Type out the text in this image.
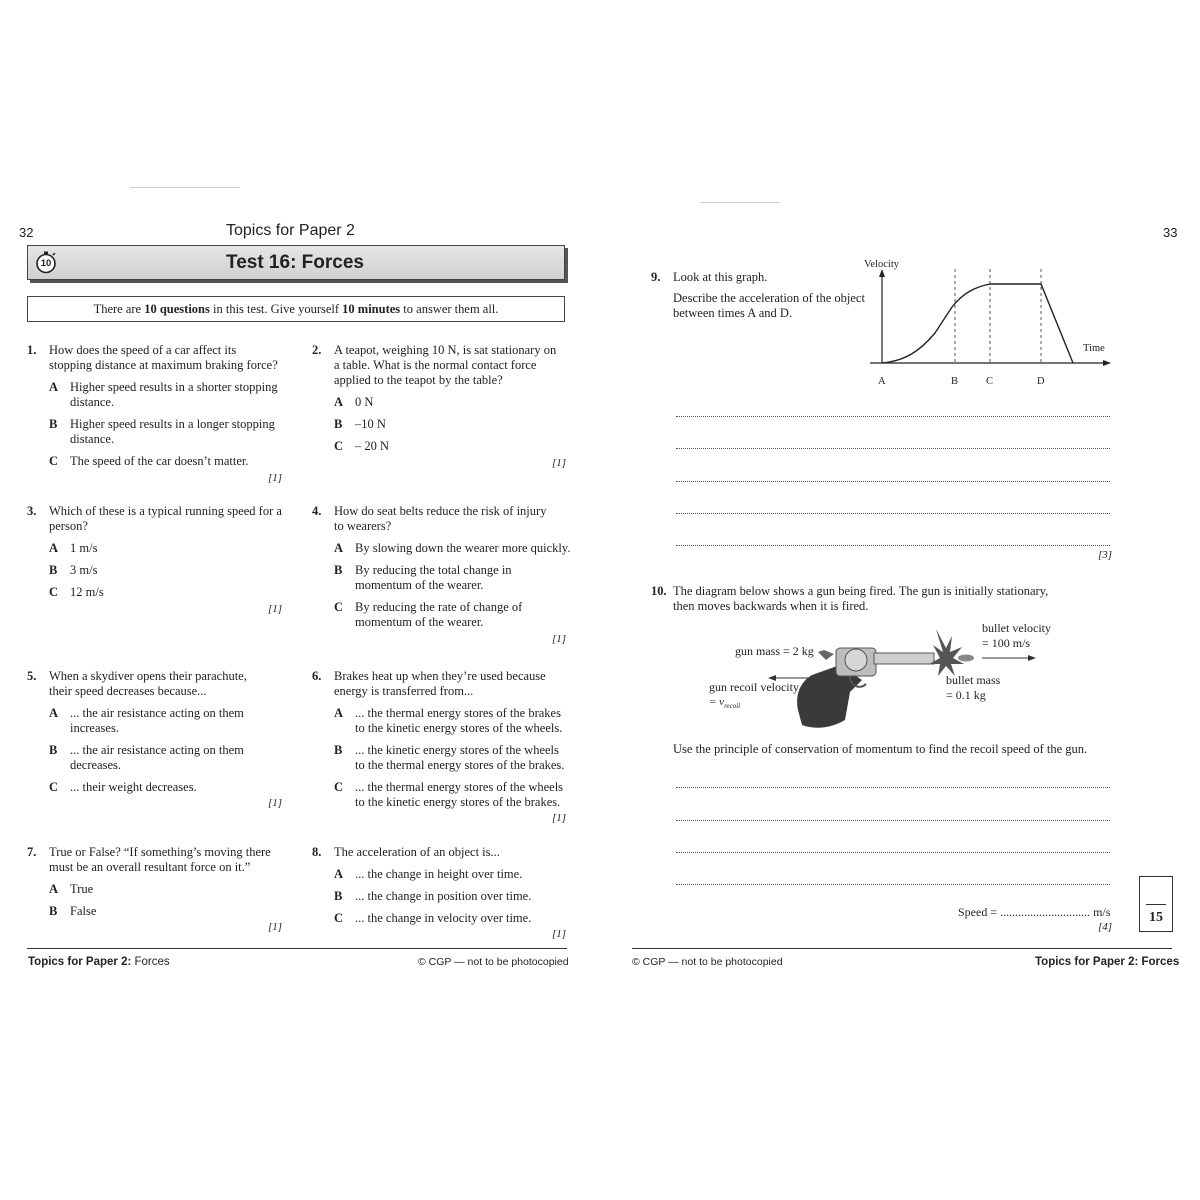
32	Topics for Paper 2
10	Test 16: Forces
There are 10 questions in this test. Give yourself 10 minutes to answer them all.
1. How does the speed of a car affect its stopping distance at maximum braking force?
A Higher speed results in a shorter stopping distance.
B Higher speed results in a longer stopping distance.
C The speed of the car doesn’t matter.
[1]
2. A teapot, weighing 10 N, is sat stationary on a table. What is the normal contact force applied to the teapot by the table?
A 0 N
B –10 N
C – 20 N
[1]
3. Which of these is a typical running speed for a person?
A 1 m/s
B 3 m/s
C 12 m/s
[1]
4. How do seat belts reduce the risk of injury to wearers?
A By slowing down the wearer more quickly.
B By reducing the total change in momentum of the wearer.
C By reducing the rate of change of momentum of the wearer.
[1]
5. When a skydiver opens their parachute, their speed decreases because...
A ... the air resistance acting on them increases.
B ... the air resistance acting on them decreases.
C ... their weight decreases.
[1]
6. Brakes heat up when they’re used because energy is transferred from...
A ... the thermal energy stores of the brakes to the kinetic energy stores of the wheels.
B ... the kinetic energy stores of the wheels to the thermal energy stores of the brakes.
C ... the thermal energy stores of the wheels to the kinetic energy stores of the brakes.
[1]
7. True or False? “If something’s moving there must be an overall resultant force on it.”
A True
B False
[1]
8. The acceleration of an object is...
A ... the change in height over time.
B ... the change in position over time.
C ... the change in velocity over time.
[1]
Topics for Paper 2: Forces	© CGP — not to be photocopied
33
9. Look at this graph.
Describe the acceleration of the object between times A and D.
Velocity
Time
A	B	C	D
[3]
10. The diagram below shows a gun being fired. The gun is initially stationary, then moves backwards when it is fired.
gun mass = 2 kg
gun recoil velocity
= $v_{recoil}$
bullet velocity
= 100 m/s
bullet mass
= 0.1 kg
Use the principle of conservation of momentum to find the recoil speed of the gun.
Speed = .............................. m/s
[4]
15
© CGP — not to be photocopied	Topics for Paper 2: Forces
